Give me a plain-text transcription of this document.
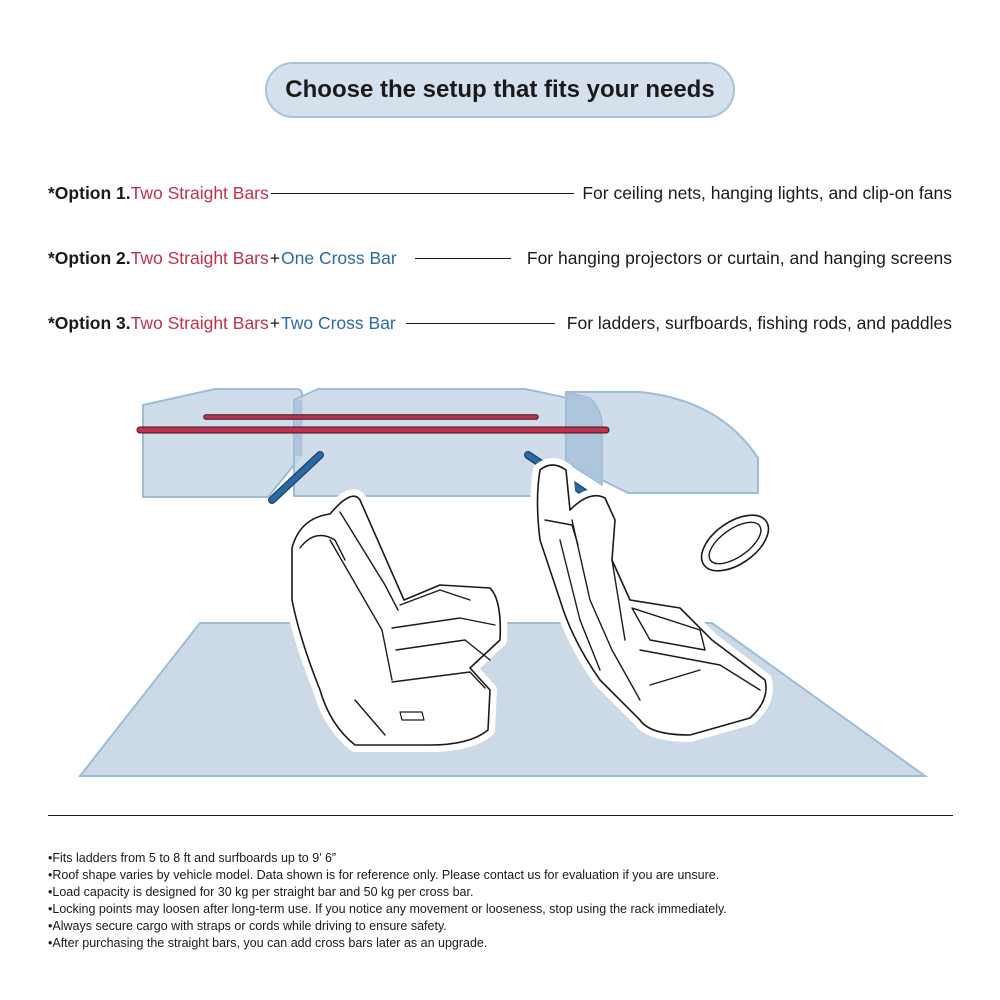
Choose the setup that fits your needs
*Option 1. Two Straight Bars	For ceiling nets, hanging lights, and clip-on fans
*Option 2. Two Straight Bars + One Cross Bar	For hanging projectors or curtain, and hanging screens
*Option 3. Two Straight Bars + Two Cross Bar	For ladders, surfboards, fishing rods, and paddles
•Fits ladders from 5 to 8 ft and surfboards up to 9’ 6”
•Roof shape varies by vehicle model. Data shown is for reference only. Please contact us for evaluation if you are unsure.
•Load capacity is designed for 30 kg per straight bar and 50 kg per cross bar.
•Locking points may loosen after long-term use. If you notice any movement or looseness, stop using the rack immediately.
•Always secure cargo with straps or cords while driving to ensure safety.
•After purchasing the straight bars, you can add cross bars later as an upgrade.
